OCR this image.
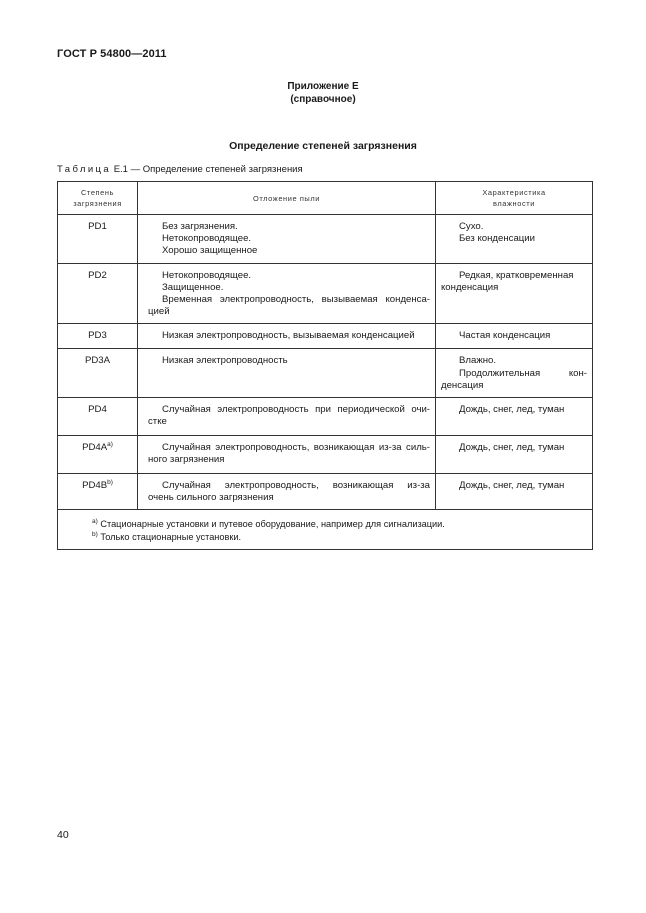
ГОСТ Р 54800—2011
Приложение Е
(справочное)
Определение степеней загрязнения
Таблица Е.1 — Определение степеней загрязнения
Степень
загрязнения	Отложение пыли	Характеристика
влажности

PD1	Без загрязнения.
Нетокопроводящее.
Хорошо защищенное	Сухо.
Без конденсации

PD2	Нетокопроводящее.
Защищенное.
Временная электропроводность, вызываемая конденса-
цией	Редкая, кратковременная
конденсация

PD3	Низкая электропроводность, вызываемая конденсацией	Частая конденсация

PD3A	Низкая электропроводность	Влажно.
Продолжительная кон-
денсация

PD4	Случайная электропроводность при периодической очи-
стке	Дождь, снег, лед, туман

$PD4A^{a)}$	Случайная электропроводность, возникающая из-за силь-
ного загрязнения	Дождь, снег, лед, туман

$PD4B^{b)}$	Случайная электропроводность, возникающая из-за
очень сильного загрязнения	Дождь, снег, лед, туман

$^{a)}$ Стационарные установки и путевое оборудование, например для сигнализации.
$^{b)}$ Только стационарные установки.		
40
